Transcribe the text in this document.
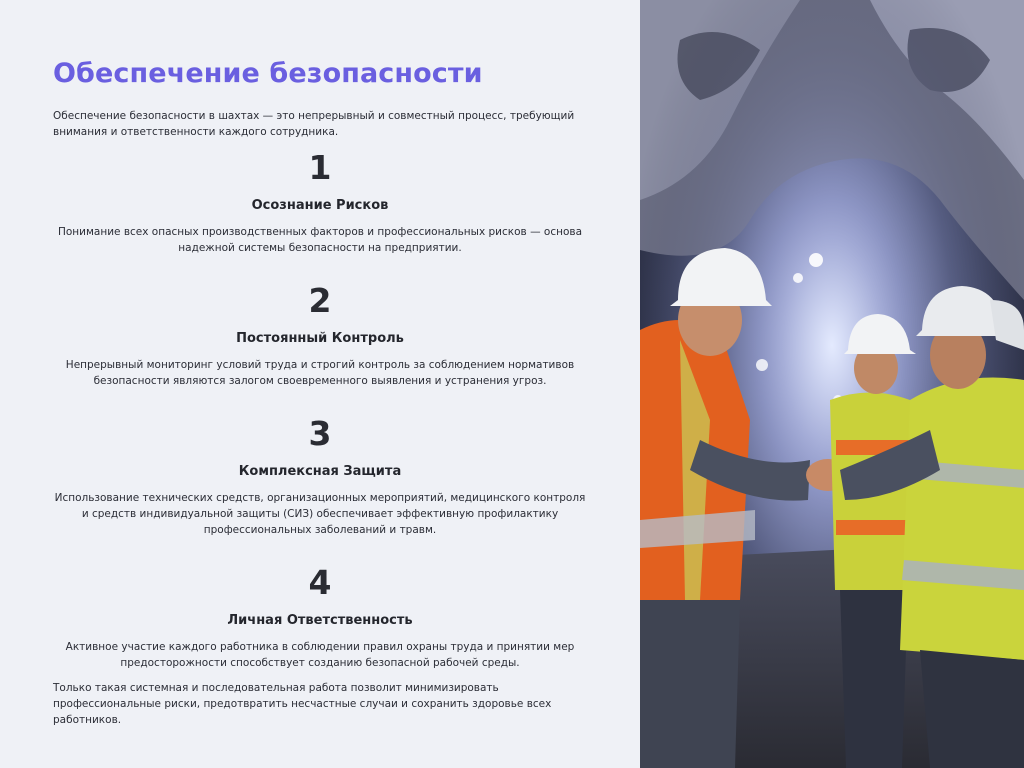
Обеспечение безопасности

Обеспечение безопасности в шахтах — это непрерывный и совместный процесс, требующий внимания и ответственности каждого сотрудника.

1
Осознание Рисков
Понимание всех опасных производственных факторов и профессиональных рисков — основа надежной системы безопасности на предприятии.
2
Постоянный Контроль
Непрерывный мониторинг условий труда и строгий контроль за соблюдением нормативов безопасности являются залогом своевременного выявления и устранения угроз.
3
Комплексная Защита
Использование технических средств, организационных мероприятий, медицинского контроля и средств индивидуальной защиты (СИЗ) обеспечивает эффективную профилактику профессиональных заболеваний и травм.
4
Личная Ответственность
Активное участие каждого работника в соблюдении правил охраны труда и принятии мер предосторожности способствует созданию безопасной рабочей среды.

Только такая системная и последовательная работа позволит минимизировать профессиональные риски, предотвратить несчастные случаи и сохранить здоровье всех работников.
